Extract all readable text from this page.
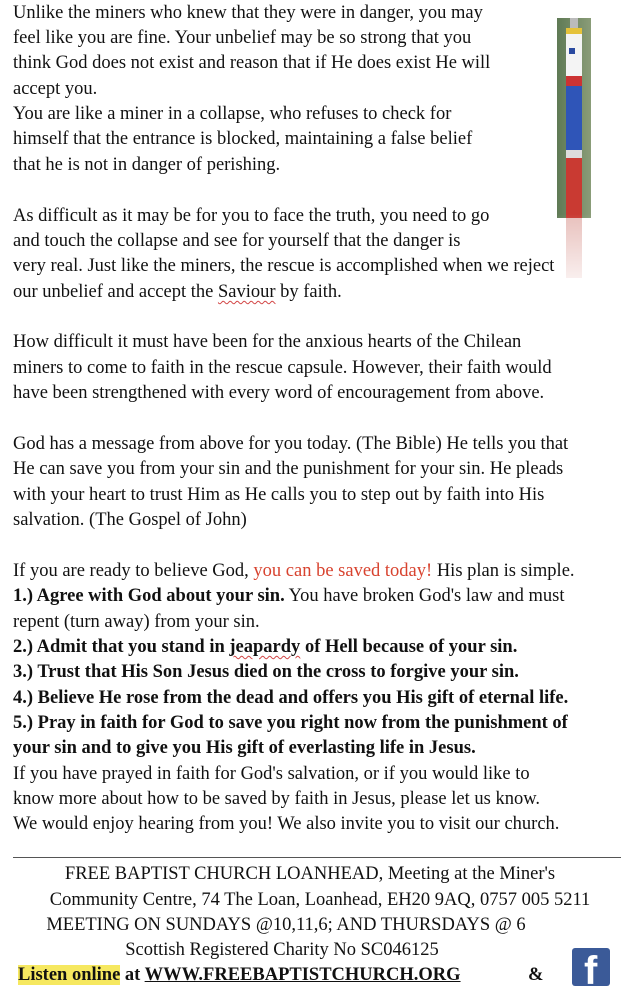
Unlike the miners who knew that they were in danger, you may
feel like you are fine. Your unbelief may be so strong that you
think God does not exist and reason that if He does exist He will
accept you.
You are like a miner in a collapse, who refuses to check for
himself that the entrance is blocked, maintaining a false belief
that he is not in danger of perishing.
As difficult as it may be for you to face the truth, you need to go
and touch the collapse and see for yourself that the danger is
very real. Just like the miners, the rescue is accomplished when we reject
our unbelief and accept the Saviour by faith.
How difficult it must have been for the anxious hearts of the Chilean
miners to come to faith in the rescue capsule. However, their faith would
have been strengthened with every word of encouragement from above.
God has a message from above for you today. (The Bible) He tells you that
He can save you from your sin and the punishment for your sin. He pleads
with your heart to trust Him as He calls you to step out by faith into His
salvation. (The Gospel of John)
If you are ready to believe God, you can be saved today! His plan is simple.
1.) Agree with God about your sin. You have broken God's law and must
repent (turn away) from your sin.
2.) Admit that you stand in jeapardy of Hell because of your sin.
3.) Trust that His Son Jesus died on the cross to forgive your sin.
4.) Believe He rose from the dead and offers you His gift of eternal life.
5.) Pray in faith for God to save you right now from the punishment of
your sin and to give you His gift of everlasting life in Jesus.
If you have prayed in faith for God's salvation, or if you would like to
know more about how to be saved by faith in Jesus, please let us know.
We would enjoy hearing from you! We also invite you to visit our church.
FREE BAPTIST CHURCH LOANHEAD, Meeting at the Miner's
Community Centre, 74 The Loan, Loanhead, EH20 9AQ, 0757 005 5211
MEETING ON SUNDAYS @10,11,6; AND THURSDAYS @ 6
Scottish Registered Charity No SC046125
Listen online at WWW.FREEBAPTISTCHURCH.ORG	& f
